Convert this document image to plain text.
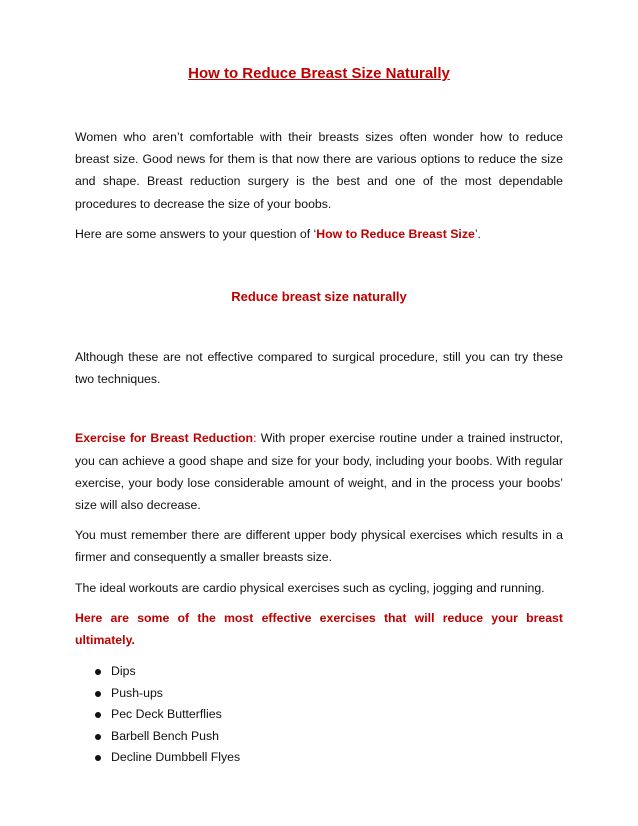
How to Reduce Breast Size Naturally

Women who aren’t comfortable with their breasts sizes often wonder how to reduce breast size. Good news for them is that now there are various options to reduce the size and shape. Breast reduction surgery is the best and one of the most dependable procedures to decrease the size of your boobs.

Here are some answers to your question of ‘How to Reduce Breast Size’.

Reduce breast size naturally

Although these are not effective compared to surgical procedure, still you can try these two techniques.

Exercise for Breast Reduction: With proper exercise routine under a trained instructor, you can achieve a good shape and size for your body, including your boobs. With regular exercise, your body lose considerable amount of weight, and in the process your boobs’ size will also decrease.

You must remember there are different upper body physical exercises which results in a firmer and consequently a smaller breasts size.

The ideal workouts are cardio physical exercises such as cycling, jogging and running.

Here are some of the most effective exercises that will reduce your breast ultimately.

Dips
Push-ups
Pec Deck Butterflies
Barbell Bench Push
Decline Dumbbell Flyes
